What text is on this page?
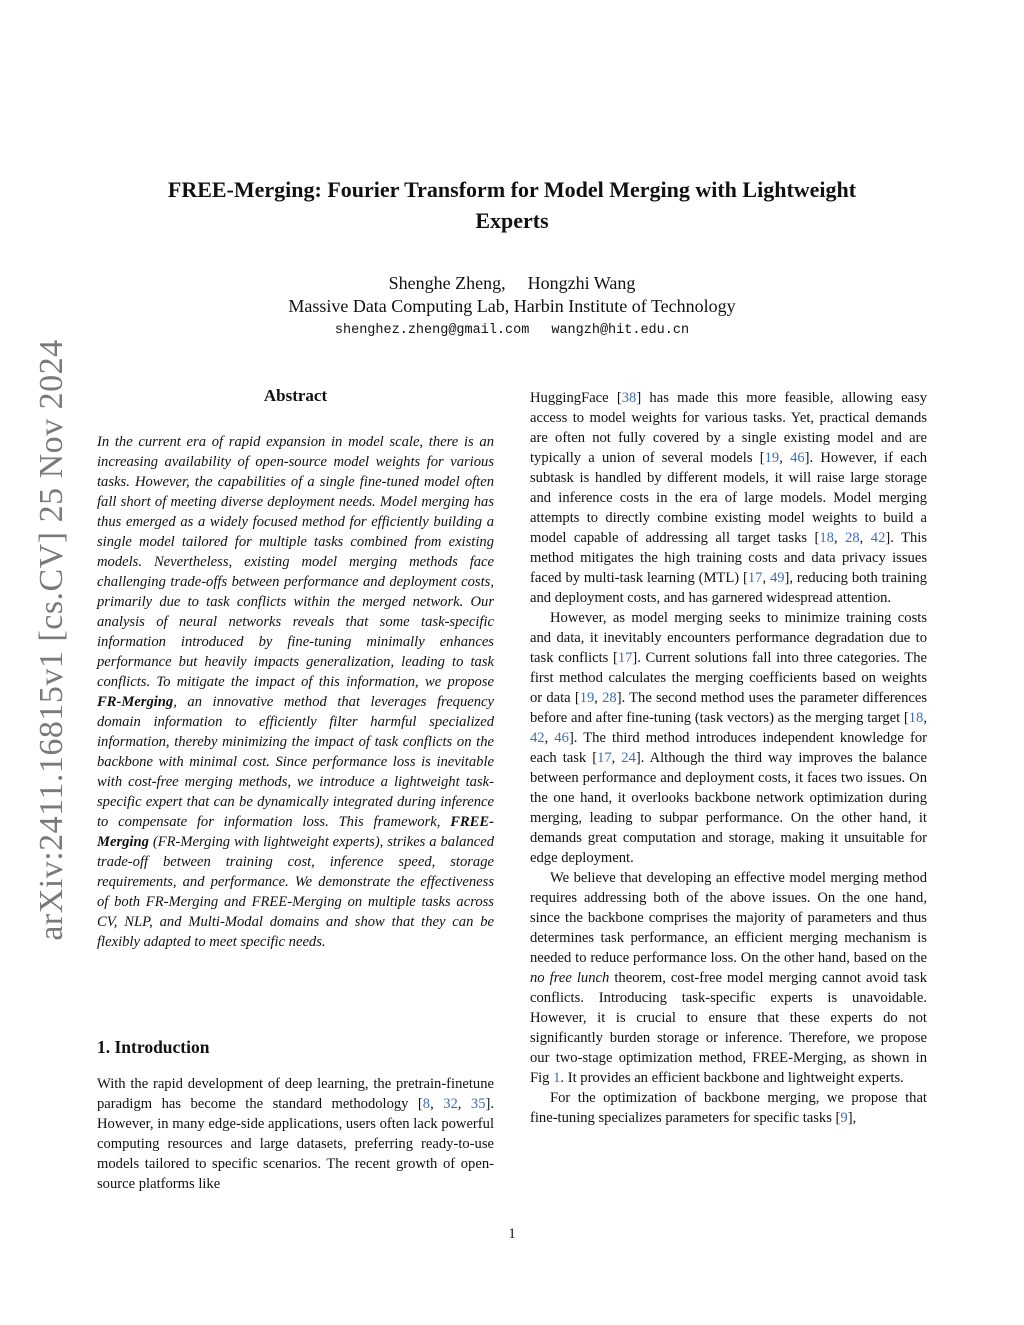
arXiv:2411.16815v1 [cs.CV] 25 Nov 2024
FREE-Merging: Fourier Transform for Model Merging with Lightweight Experts
Shenghe Zheng, Hongzhi Wang
Massive Data Computing Lab, Harbin Institute of Technology
shenghez.zheng@gmail.com wangzh@hit.edu.cn
Abstract

In the current era of rapid expansion in model scale, there is an increasing availability of open-source model weights for various tasks. However, the capabilities of a single fine-tuned model often fall short of meeting diverse deployment needs. Model merging has thus emerged as a widely focused method for efficiently building a single model tailored for multiple tasks combined from existing models. Nevertheless, existing model merging methods face challenging trade-offs between performance and deployment costs, primarily due to task conflicts within the merged network. Our analysis of neural networks reveals that some task-specific information introduced by fine-tuning minimally enhances performance but heavily impacts generalization, leading to task conflicts. To mitigate the impact of this information, we propose FR-Merging, an innovative method that leverages frequency domain information to efficiently filter harmful specialized information, thereby minimizing the impact of task conflicts on the backbone with minimal cost. Since performance loss is inevitable with cost-free merging methods, we introduce a lightweight task-specific expert that can be dynamically integrated during inference to compensate for information loss. This framework, FREE-Merging (FR-Merging with lightweight experts), strikes a balanced trade-off between training cost, inference speed, storage requirements, and performance. We demonstrate the effectiveness of both FR-Merging and FREE-Merging on multiple tasks across CV, NLP, and Multi-Modal domains and show that they can be flexibly adapted to meet specific needs.

1. Introduction

With the rapid development of deep learning, the pretrain-finetune paradigm has become the standard methodology [8, 32, 35]. However, in many edge-side applications, users often lack powerful computing resources and large datasets, preferring ready-to-use models tailored to specific scenarios. The recent growth of open-source platforms like

HuggingFace [38] has made this more feasible, allowing easy access to model weights for various tasks. Yet, practical demands are often not fully covered by a single existing model and are typically a union of several models [19, 46]. However, if each subtask is handled by different models, it will raise large storage and inference costs in the era of large models. Model merging attempts to directly combine existing model weights to build a model capable of addressing all target tasks [18, 28, 42]. This method mitigates the high training costs and data privacy issues faced by multi-task learning (MTL) [17, 49], reducing both training and deployment costs, and has garnered widespread attention.

However, as model merging seeks to minimize training costs and data, it inevitably encounters performance degradation due to task conflicts [17]. Current solutions fall into three categories. The first method calculates the merging coefficients based on weights or data [19, 28]. The second method uses the parameter differences before and after fine-tuning (task vectors) as the merging target [18, 42, 46]. The third method introduces independent knowledge for each task [17, 24]. Although the third way improves the balance between performance and deployment costs, it faces two issues. On the one hand, it overlooks backbone network optimization during merging, leading to subpar performance. On the other hand, it demands great computation and storage, making it unsuitable for edge deployment.

We believe that developing an effective model merging method requires addressing both of the above issues. On the one hand, since the backbone comprises the majority of parameters and thus determines task performance, an efficient merging mechanism is needed to reduce performance loss. On the other hand, based on the no free lunch theorem, cost-free model merging cannot avoid task conflicts. Introducing task-specific experts is unavoidable. However, it is crucial to ensure that these experts do not significantly burden storage or inference. Therefore, we propose our two-stage optimization method, FREE-Merging, as shown in Fig 1. It provides an efficient backbone and lightweight experts.

For the optimization of backbone merging, we propose that fine-tuning specializes parameters for specific tasks [9],

1
